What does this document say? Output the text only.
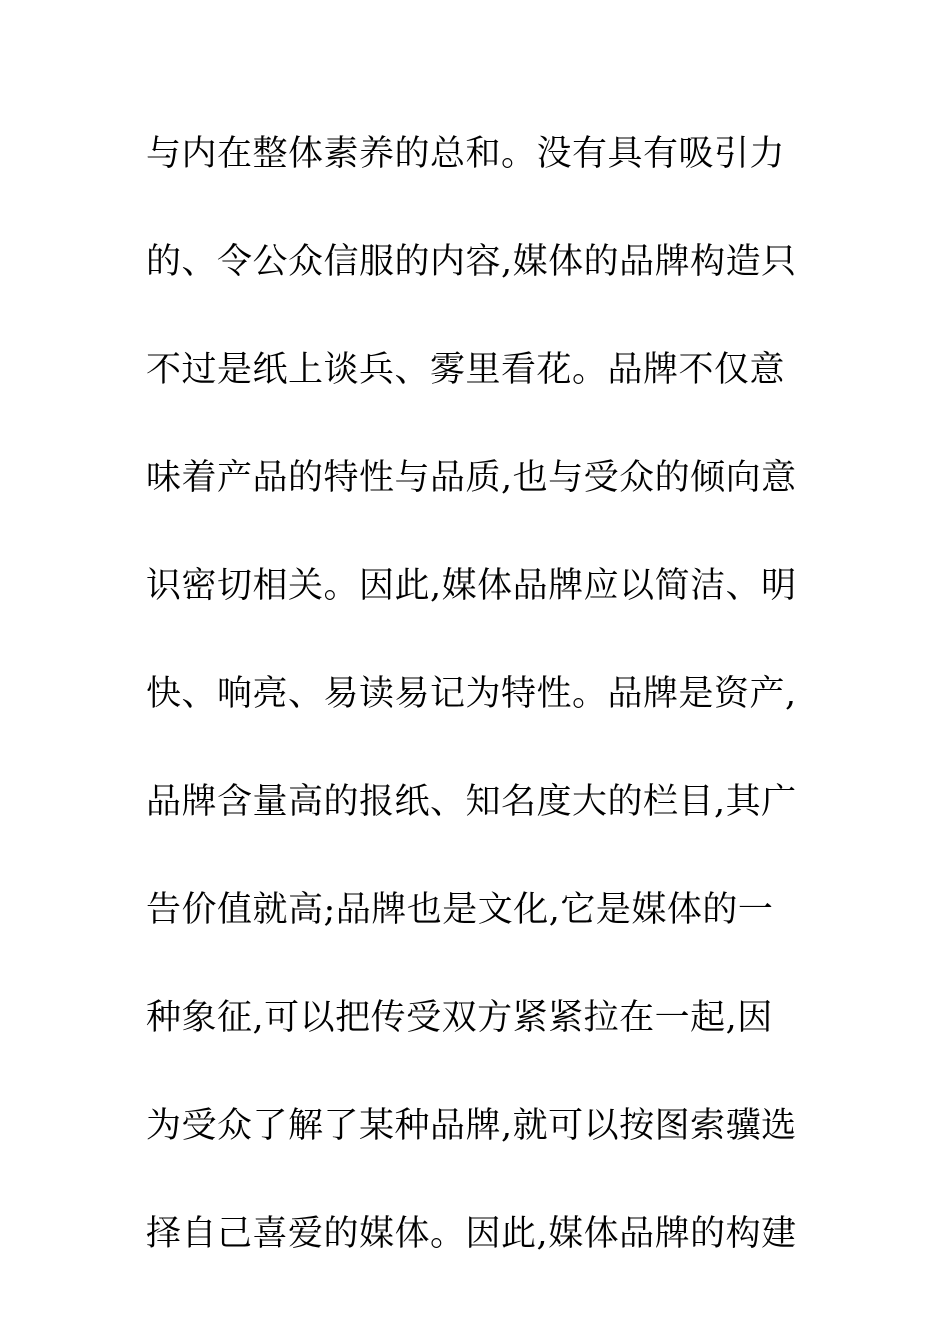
与内在整体素养的总和。没有具有吸引力
的、令公众信服的内容,媒体的品牌构造只
不过是纸上谈兵、雾里看花。品牌不仅意
味着产品的特性与品质,也与受众的倾向意
识密切相关。因此,媒体品牌应以简洁、明
快、响亮、易读易记为特性。品牌是资产,
品牌含量高的报纸、知名度大的栏目,其广
告价值就高;品牌也是文化,它是媒体的一
种象征,可以把传受双方紧紧拉在一起,因
为受众了解了某种品牌,就可以按图索骥选
择自己喜爱的媒体。因此,媒体品牌的构建
